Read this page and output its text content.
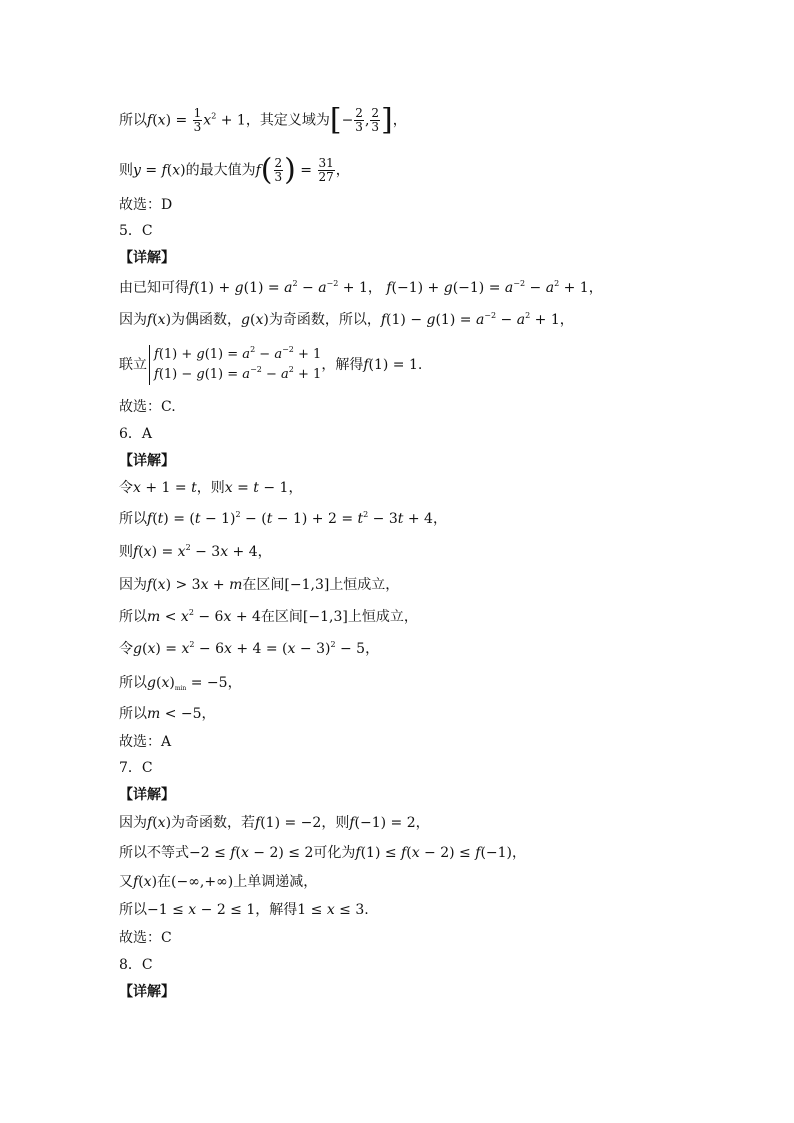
所以$f(x) = \frac{1}{3} x^2 + 1$，其定义域为[− $\frac{2}{3}$ , $\frac{2}{3}$ ]，
则y = f(x)的最大值为$f( \frac{2}{3}$ ) = $\frac{31}{27}$ ，
故选：D
5．C
【详解】
由已知可得$f(1) + g(1) = a^2 - a^{-2} + 1$， $f(-1) + g(-1) = a^{-2} - a^2 + 1$，
因为f(x)为偶函数，g(x)为奇函数，所以，$f(1) - g(1) = a^{-2} - a^2 + 1$，
联立
$f(1) + g(1) = a^2 - a^{-2} + 1$
$f(1) - g(1) = a^{-2} - a^2 + 1$
，解得f(1) = 1.
故选：C.
6．A
【详解】
令x + 1 = t，则x = t − 1，
所以$f(t) = (t - 1)^2 - (t - 1) + 2 = t^2 - 3t + 4$，
则$f(x) = x^2 - 3x + 4$，
因为f(x) > 3x + m在区间[−1,3]上恒成立，
所以$m < x^2 - 6x + 4$在区间[−1,3]上恒成立，
令$g(x) = x^2 - 6x + 4 = (x - 3)^2 - 5$，
所以$g(x)_{min} = -5$，
所以m < −5，
故选：A
7．C
【详解】
因为f(x)为奇函数，若f(1) = −2，则f(−1) = 2，
所以不等式−2 ≤ f(x − 2) ≤ 2可化为f(1) ≤ f(x − 2) ≤ f(−1)，
又f(x)在(−∞,+∞)上单调递减，
所以−1 ≤ x − 2 ≤ 1，解得1 ≤ x ≤ 3.
故选：C
8．C
【详解】
